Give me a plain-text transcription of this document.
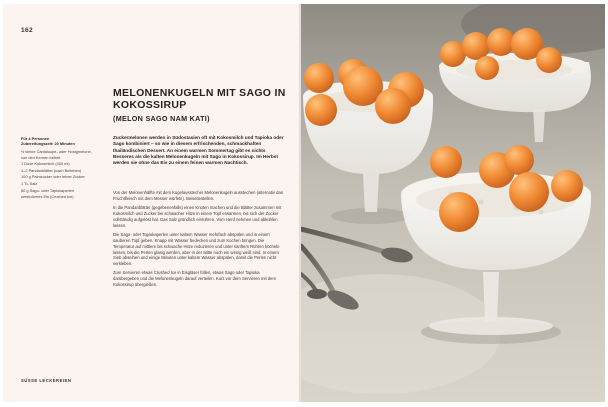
162
MELONENKUGELN MIT SAGO IN KOKOSSIRUP
(MELON SAGO NAM KATI)
Für 4 Personen
Zubereitungszeit: 20 Minuten
½ kleine Cantaloupe- oder Honigmelone, von den Kernen befreit
1 Dose Kokosmilch (400 ml)
1–2 Pandanblätter (nach Belieben)
100 g Palmzucker oder feiner Zucker
1 TL Salz
80 g Sago- oder Tapiokaperlen
zerstoßenes Eis (Crushed Ice)
Zuckermelonen werden in Südostasien oft mit Kokosmilch und Tapioka oder Sago kombiniert – so wie in diesem erfrischenden, schmackhaften thailändischen Dessert. An einem warmen Sommertag gibt es nichts Besseres als die kalten Melonenkugeln mit Sago in Kokossirup. Im Herbst werden sie ohne das Eis zu einem feinen warmen Nachtisch.

Von der Melonenhälfte mit dem Kugelausstecher Melonenkugeln ausstechen (alternativ das Fruchtfleisch mit dem Messer würfeln). Beiseitestellen.

In die Pandanblätter (gegebenenfalls) einen Knoten machen und die Blätter zusammen mit Kokosmilch und Zucker bei schwacher Hitze in einem Topf erwärmen, bis sich der Zucker vollständig aufgelöst hat. Das Salz gründlich einrühren. Vom Herd nehmen und abkühlen lassen.

Die Sago- oder Tapiokaperlen unter kaltem Wasser mehrfach abspülen und in einem sauberen Topf geben. Knapp mit Wasser bedecken und zum Kochen bringen. Die Temperatur auf mittlere bis schwache Hitze reduzieren und unter sanftem Rühren köcheln lassen, bis die Perlen glasig werden, aber in der Mitte noch ein wenig weiß sind. In einem Sieb abseihen und einige Minuten unter kaltem Wasser abspülen, damit die Perlen nicht verkleben.

Zum Servieren etwas Crushed Ice in Eisgläser füllen, etwas Sago oder Tapioka darübergeben und die Melonenkugeln darauf verteilen. Kurz vor dem Servieren mit dem Kokossirup übergießen.

SÜSSE LECKEREIEN
